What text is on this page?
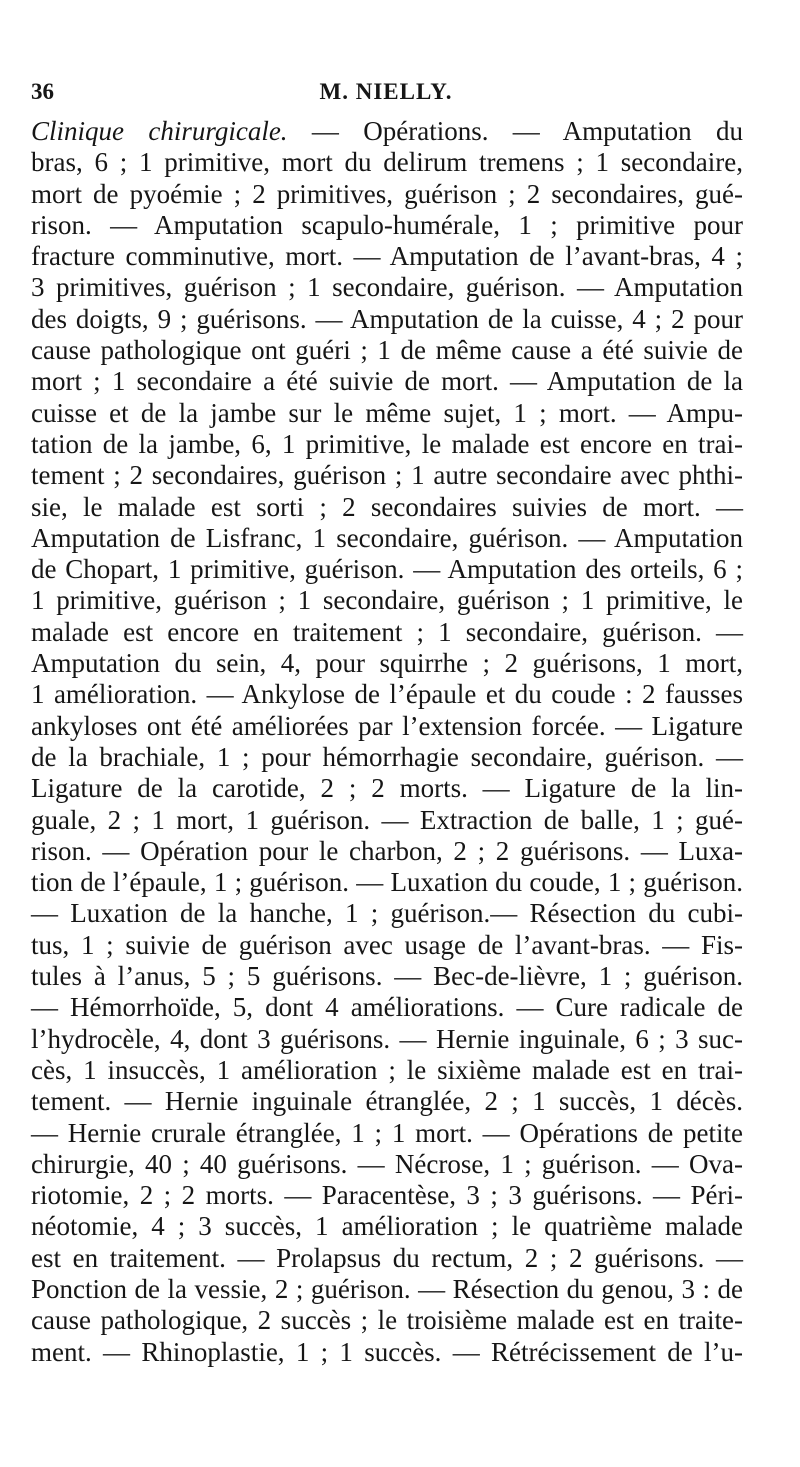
36	M. NIELLY.
Clinique chirurgicale. — Opérations. — Amputation du
bras, 6 ; 1 primitive, mort du delirum tremens ; 1 secondaire,
mort de pyoémie ; 2 primitives, guérison ; 2 secondaires, gué-
rison. — Amputation scapulo-humérale, 1 ; primitive pour
fracture comminutive, mort. — Amputation de l’avant-bras, 4 ;
3 primitives, guérison ; 1 secondaire, guérison. — Amputation
des doigts, 9 ; guérisons. — Amputation de la cuisse, 4 ; 2 pour
cause pathologique ont guéri ; 1 de même cause a été suivie de
mort ; 1 secondaire a été suivie de mort. — Amputation de la
cuisse et de la jambe sur le même sujet, 1 ; mort. — Ampu-
tation de la jambe, 6, 1 primitive, le malade est encore en trai-
tement ; 2 secondaires, guérison ; 1 autre secondaire avec phthi-
sie, le malade est sorti ; 2 secondaires suivies de mort. —
Amputation de Lisfranc, 1 secondaire, guérison. — Amputation
de Chopart, 1 primitive, guérison. — Amputation des orteils, 6 ;
1 primitive, guérison ; 1 secondaire, guérison ; 1 primitive, le
malade est encore en traitement ; 1 secondaire, guérison. —
Amputation du sein, 4, pour squirrhe ; 2 guérisons, 1 mort,
1 amélioration. — Ankylose de l’épaule et du coude : 2 fausses
ankyloses ont été améliorées par l’extension forcée. — Ligature
de la brachiale, 1 ; pour hémorrhagie secondaire, guérison. —
Ligature de la carotide, 2 ; 2 morts. — Ligature de la lin-
guale, 2 ; 1 mort, 1 guérison. — Extraction de balle, 1 ; gué-
rison. — Opération pour le charbon, 2 ; 2 guérisons. — Luxa-
tion de l’épaule, 1 ; guérison. — Luxation du coude, 1 ; guérison.
— Luxation de la hanche, 1 ; guérison.— Résection du cubi-
tus, 1 ; suivie de guérison avec usage de l’avant-bras. — Fis-
tules à l’anus, 5 ; 5 guérisons. — Bec-de-lièvre, 1 ; guérison.
— Hémorrhoïde, 5, dont 4 améliorations. — Cure radicale de
l’hydrocèle, 4, dont 3 guérisons. — Hernie inguinale, 6 ; 3 suc-
cès, 1 insuccès, 1 amélioration ; le sixième malade est en trai-
tement. — Hernie inguinale étranglée, 2 ; 1 succès, 1 décès.
— Hernie crurale étranglée, 1 ; 1 mort. — Opérations de petite
chirurgie, 40 ; 40 guérisons. — Nécrose, 1 ; guérison. — Ova-
riotomie, 2 ; 2 morts. — Paracentèse, 3 ; 3 guérisons. — Péri-
néotomie, 4 ; 3 succès, 1 amélioration ; le quatrième malade
est en traitement. — Prolapsus du rectum, 2 ; 2 guérisons. —
Ponction de la vessie, 2 ; guérison. — Résection du genou, 3 : de
cause pathologique, 2 succès ; le troisième malade est en traite-
ment. — Rhinoplastie, 1 ; 1 succès. — Rétrécissement de l’u-
